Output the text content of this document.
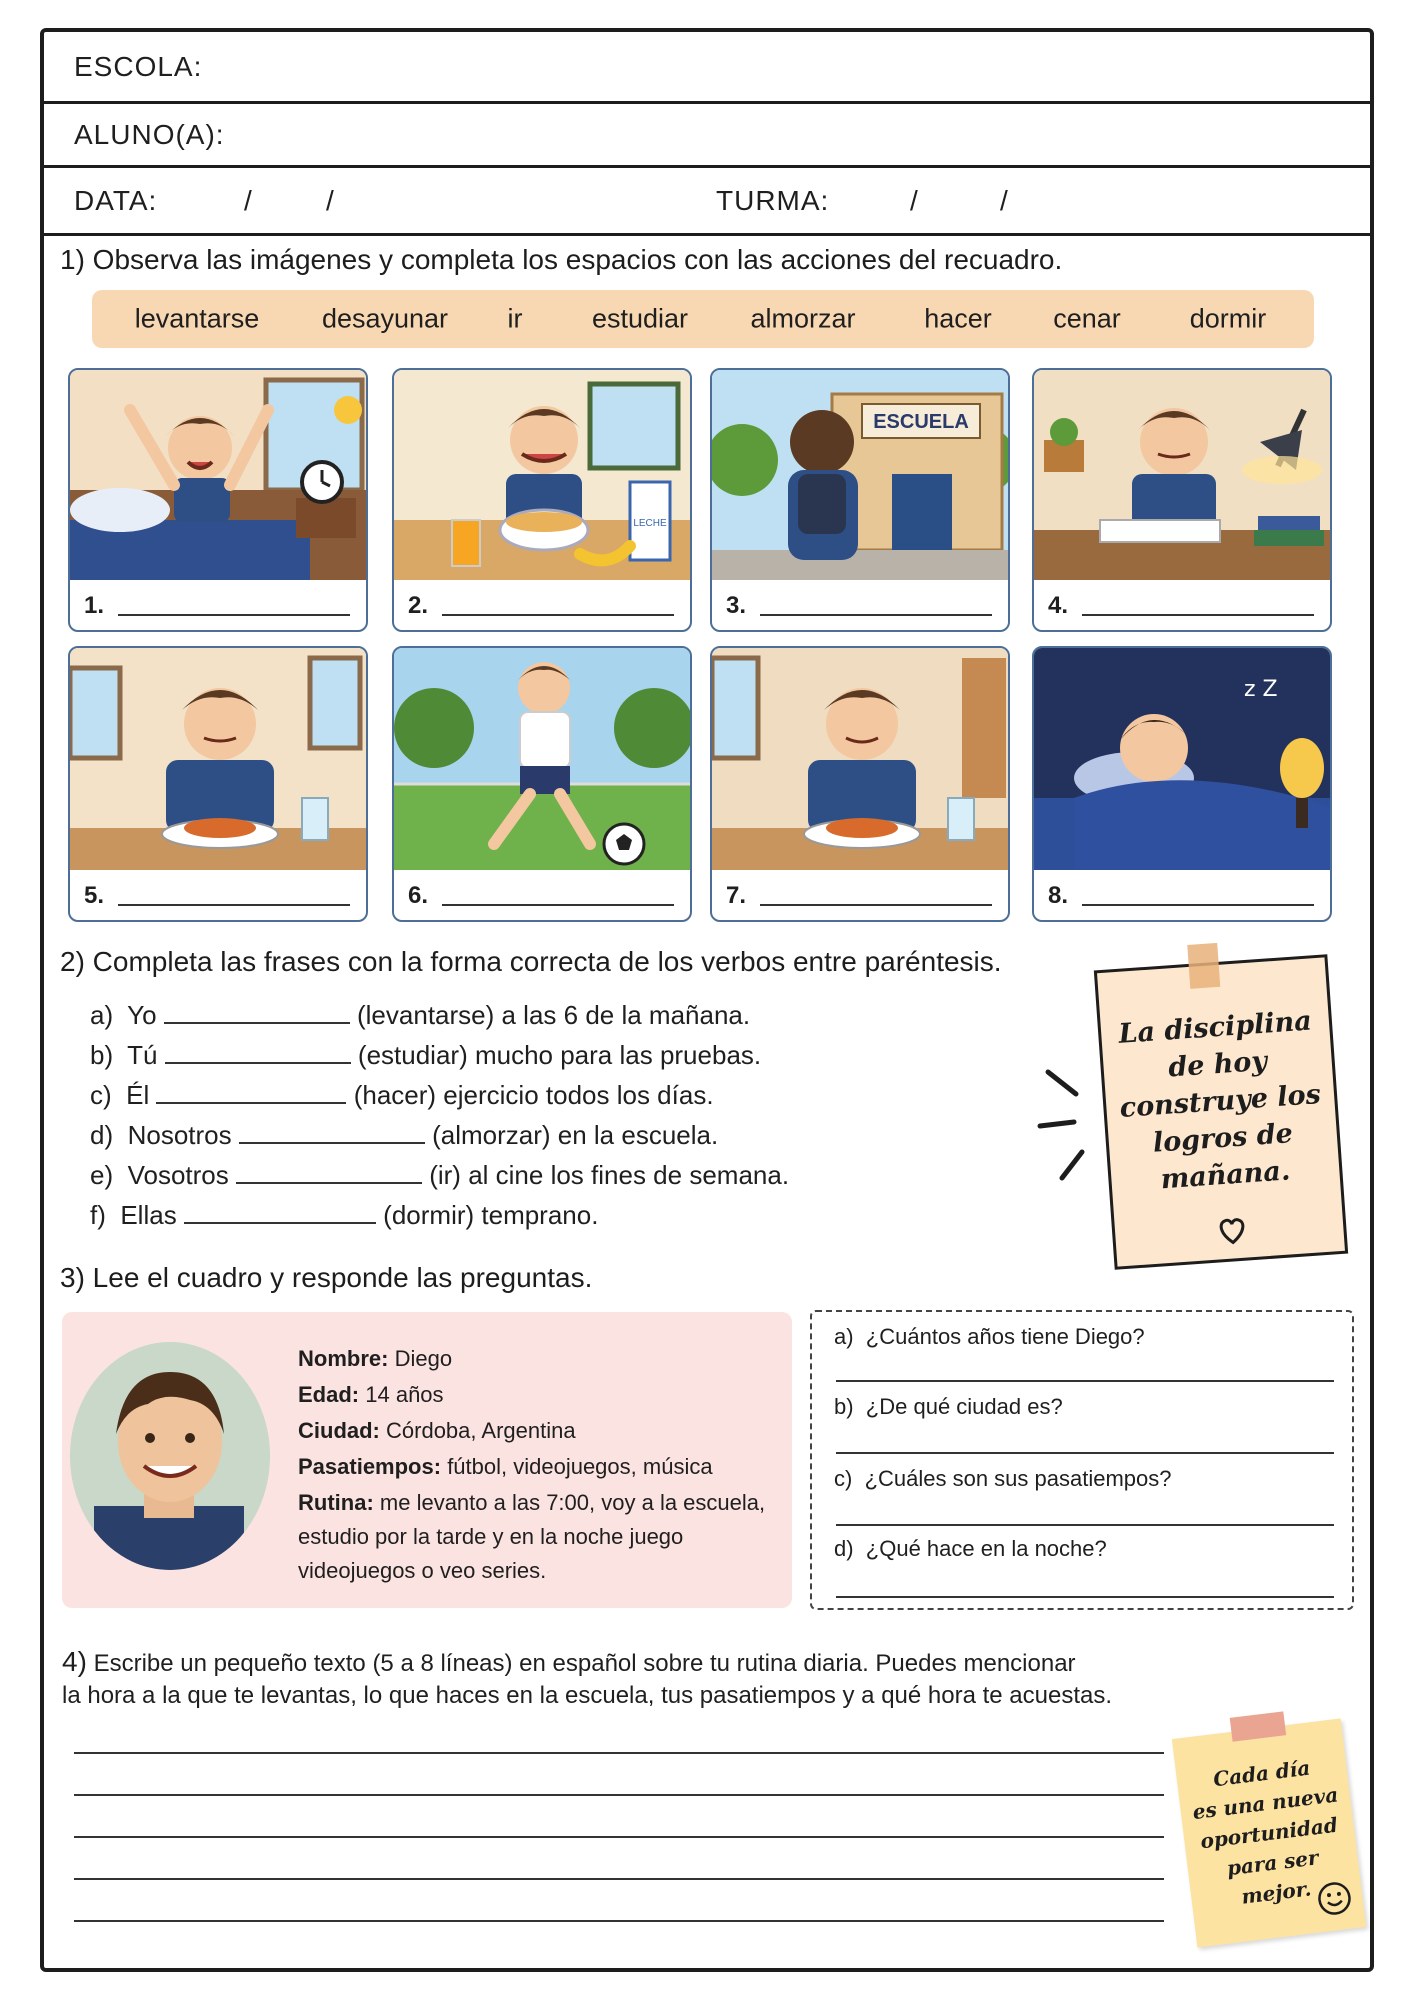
ESCOLA:
ALUNO(A):
DATA:	/	/	TURMA:	/	/
1) Observa las imágenes y completa los espacios con las acciones del recuadro.
levantarse desayunar ir	estudiar almorzar	hacer cenar	dormir
1.
LECHE
2.
ESCUELA
3.	4.
5.	6.	7.
z Z
8.
2) Completa las frases con la forma correcta de los verbos entre paréntesis.
a) Yo	(levantarse) a las 6 de la mañana.
b) Tú	(estudiar) mucho para las pruebas.
c) Él	(hacer) ejercicio todos los días.
d) Nosotros	(almorzar) en la escuela.
e) Vosotros	(ir) al cine los fines de semana.
f) Ellas	(dormir) temprano.
La disciplina
de hoy
construye los
logros de
mañana.
3) Lee el cuadro y responde las preguntas.
Nombre: Diego
Edad: 14 años
Ciudad: Córdoba, Argentina
Pasatiempos: fútbol, videojuegos, música
Rutina: me levanto a las 7:00, voy a la escuela,
estudio por la tarde y en la noche juego
videojuegos o veo series.
a) ¿Cuántos años tiene Diego?
b) ¿De qué ciudad es?
c) ¿Cuáles son sus pasatiempos?
d) ¿Qué hace en la noche?
4) Escribe un pequeño texto (5 a 8 líneas) en español sobre tu rutina diaria. Puedes mencionar
la hora a la que te levantas, lo que haces en la escuela, tus pasatiempos y a qué hora te acuestas.
Cada día
es una nueva
oportunidad
para ser
mejor.
